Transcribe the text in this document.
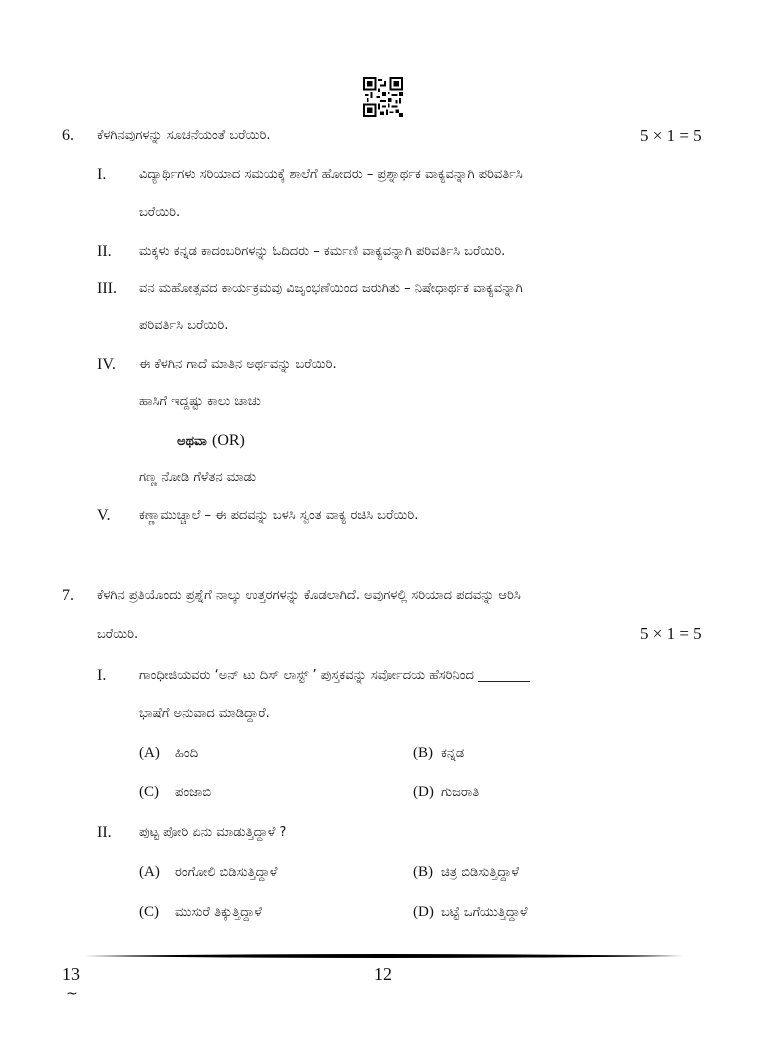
6. ಕೆಳಗಿನವುಗಳನ್ನು ಸೂಚನೆಯಂತೆ ಬರೆಯಿರಿ.	5 × 1 = 5
I.	ವಿದ್ಯಾರ್ಥಿಗಳು ಸರಿಯಾದ ಸಮಯಕ್ಕೆ ಶಾಲೆಗೆ ಹೋದರು – ಪ್ರಶ್ನಾರ್ಥಕ ವಾಕ್ಯವನ್ನಾಗಿ ಪರಿವರ್ತಿಸಿ
ಬರೆಯಿರಿ.
II. ಮಕ್ಕಳು ಕನ್ನಡ ಕಾದಂಬರಿಗಳನ್ನು ಓದಿದರು – ಕರ್ಮಣಿ ವಾಕ್ಯವನ್ನಾಗಿ ಪರಿವರ್ತಿಸಿ ಬರೆಯಿರಿ.
III. ವನ ಮಹೋತ್ಸವದ ಕಾರ್ಯಕ್ರಮವು ವಿಜೃಂಭಣೆಯಿಂದ ಜರುಗಿತು – ನಿಷೇಧಾರ್ಥಕ ವಾಕ್ಯವನ್ನಾಗಿ
ಪರಿವರ್ತಿಸಿ ಬರೆಯಿರಿ.
IV. ಈ ಕೆಳಗಿನ ಗಾದೆ ಮಾತಿನ ಅರ್ಥವನ್ನು ಬರೆಯಿರಿ.
ಹಾಸಿಗೆ ಇದ್ದಷ್ಟು ಕಾಲು ಚಾಚು
ಅಥವಾ (OR)
ಗಣ್ಣ ನೋಡಿ ಗೆಳೆತನ ಮಾಡು
V. ಕಣ್ಣಾಮುಚ್ಚಾಲೆ – ಈ ಪದವನ್ನು ಬಳಸಿ ಸ್ವಂತ ವಾಕ್ಯ ರಚಿಸಿ ಬರೆಯಿರಿ.
7. ಕೆಳಗಿನ ಪ್ರತಿಯೊಂದು ಪ್ರಶ್ನೆಗೆ ನಾಲ್ಕು ಉತ್ತರಗಳನ್ನು ಕೊಡಲಾಗಿದೆ. ಅವುಗಳಲ್ಲಿ ಸರಿಯಾದ ಪದವನ್ನು ಆರಿಸಿ
ಬರೆಯಿರಿ.	5 × 1 = 5
I.	ಗಾಂಧೀಜಿಯವರು ‘ಅನ್ ಟು ದಿಸ್ ಲಾಸ್ಟ್ ’ ಪುಸ್ತಕವನ್ನು ಸರ್ವೋದಯ ಹೆಸರಿನಿಂದ ________
ಭಾಷೆಗೆ ಅನುವಾದ ಮಾಡಿದ್ದಾರೆ.
(A) ಹಿಂದಿ	(B) ಕನ್ನಡ
(C) ಪಂಜಾಬಿ	(D) ಗುಜರಾತಿ
II. ಪುಟ್ಟ ಪೋರಿ ಏನು ಮಾಡುತ್ತಿದ್ದಾಳೆ ?
(A) ರಂಗೋಲಿ ಬಿಡಿಸುತ್ತಿದ್ದಾಳೆ	(B) ಚಿತ್ರ ಬಿಡಿಸುತ್ತಿದ್ದಾಳೆ
(C) ಮುಸುರೆ ತಿಕ್ಕುತ್ತಿದ್ದಾಳೆ	(D) ಬಟ್ಟೆ ಒಗೆಯುತ್ತಿದ್ದಾಳೆ
13	12
~
